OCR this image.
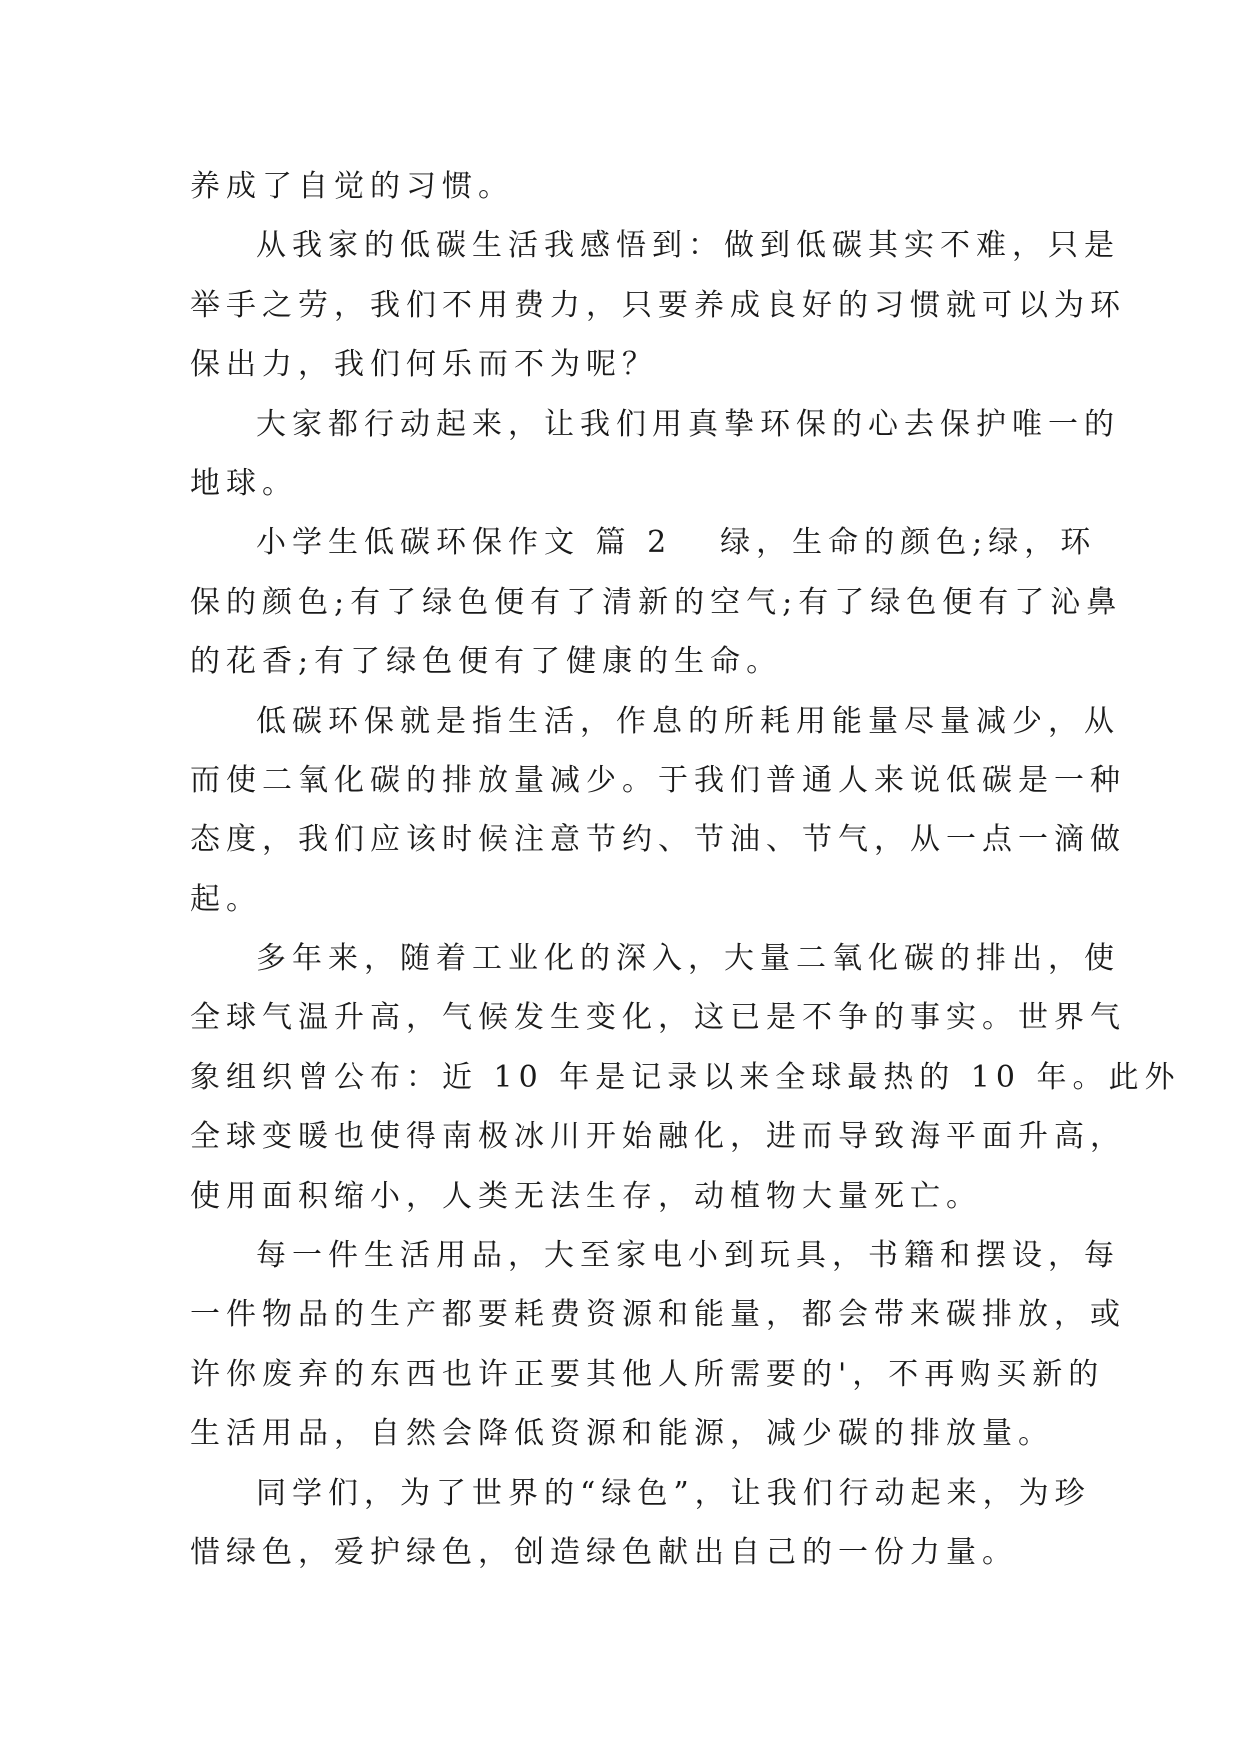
养成了自觉的习惯。
从我家的低碳生活我感悟到：做到低碳其实不难，只是
举手之劳，我们不用费力，只要养成良好的习惯就可以为环
保出力，我们何乐而不为呢？
大家都行动起来，让我们用真挚环保的心去保护唯一的
地球。
小学生低碳环保作文 篇 2 绿，生命的颜色;绿，环
保的颜色;有了绿色便有了清新的空气;有了绿色便有了沁鼻
的花香;有了绿色便有了健康的生命。
低碳环保就是指生活，作息的所耗用能量尽量减少，从
而使二氧化碳的排放量减少。于我们普通人来说低碳是一种
态度，我们应该时候注意节约、节油、节气，从一点一滴做
起。
多年来，随着工业化的深入，大量二氧化碳的排出，使
全球气温升高，气候发生变化，这已是不争的事实。世界气
象组织曾公布：近 10 年是记录以来全球最热的 10 年。此外
全球变暖也使得南极冰川开始融化，进而导致海平面升高，
使用面积缩小，人类无法生存，动植物大量死亡。
每一件生活用品，大至家电小到玩具，书籍和摆设，每
一件物品的生产都要耗费资源和能量，都会带来碳排放，或
许你废弃的东西也许正要其他人所需要的'，不再购买新的
生活用品，自然会降低资源和能源，减少碳的排放量。
同学们，为了世界的“绿色”，让我们行动起来，为珍
惜绿色，爱护绿色，创造绿色献出自己的一份力量。
